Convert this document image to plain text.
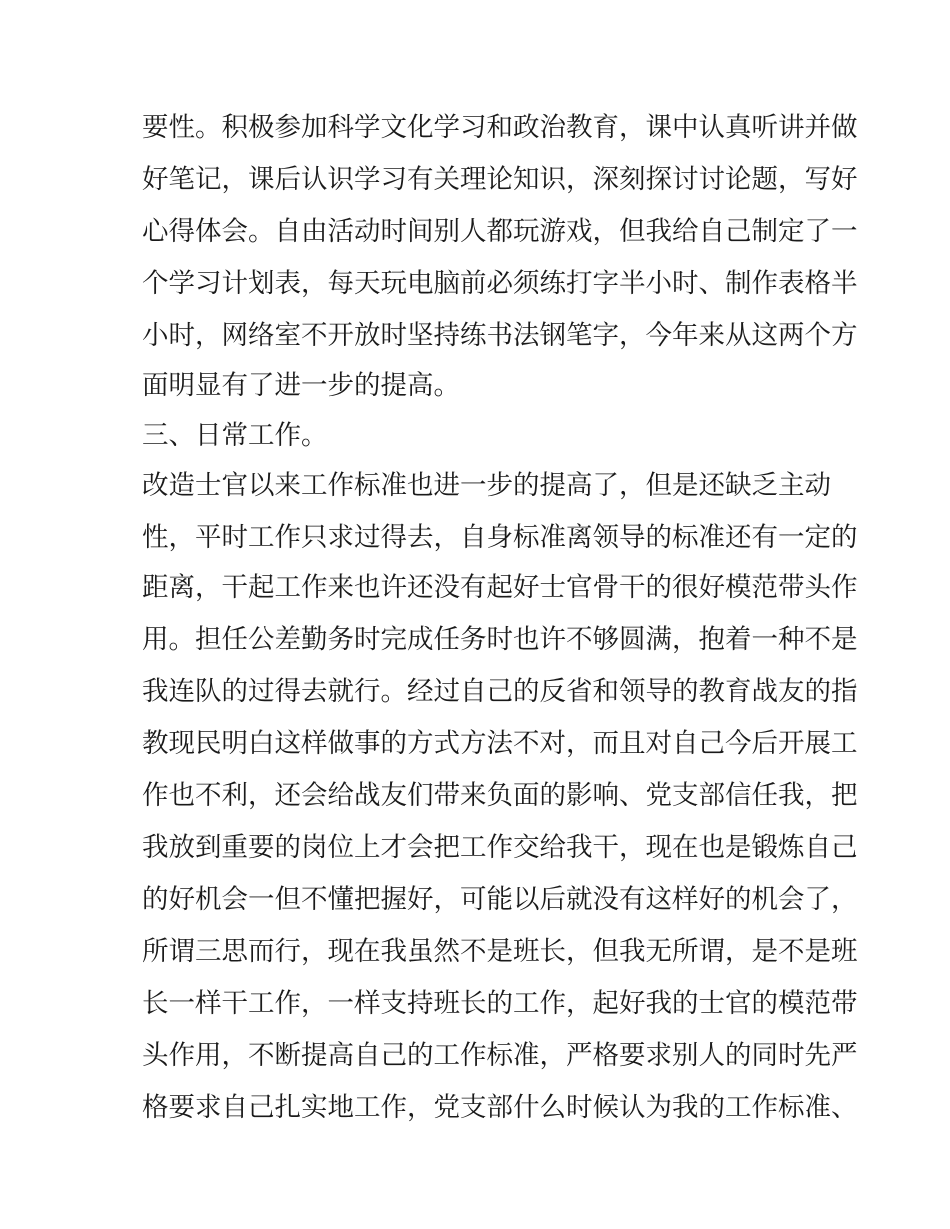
要性。积极参加科学文化学习和政治教育，课中认真听讲并做
好笔记，课后认识学习有关理论知识，深刻探讨讨论题，写好
心得体会。自由活动时间别人都玩游戏，但我给自己制定了一
个学习计划表，每天玩电脑前必须练打字半小时、制作表格半
小时，网络室不开放时坚持练书法钢笔字，今年来从这两个方
面明显有了进一步的提高。
三、日常工作。
改造士官以来工作标准也进一步的提高了，但是还缺乏主动
性，平时工作只求过得去，自身标准离领导的标准还有一定的
距离，干起工作来也许还没有起好士官骨干的很好模范带头作
用。担任公差勤务时完成任务时也许不够圆满，抱着一种不是
我连队的过得去就行。经过自己的反省和领导的教育战友的指
教现民明白这样做事的方式方法不对，而且对自己今后开展工
作也不利，还会给战友们带来负面的影响、党支部信任我，把
我放到重要的岗位上才会把工作交给我干，现在也是锻炼自己
的好机会一但不懂把握好，可能以后就没有这样好的机会了，
所谓三思而行，现在我虽然不是班长，但我无所谓，是不是班
长一样干工作，一样支持班长的工作，起好我的士官的模范带
头作用，不断提高自己的工作标准，严格要求别人的同时先严
格要求自己扎实地工作，党支部什么时候认为我的工作标准、
